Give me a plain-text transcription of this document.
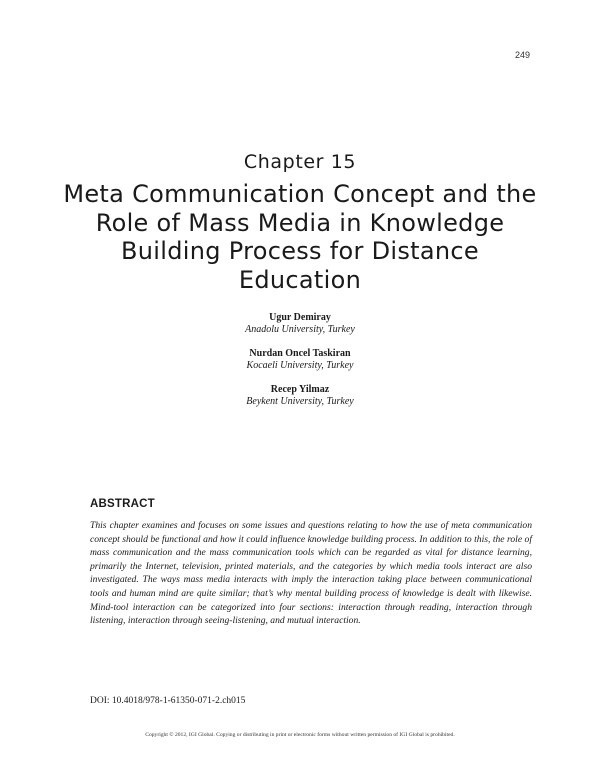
249
Chapter 15
Meta Communication Concept and the Role of Mass Media in Knowledge Building Process for Distance Education
Ugur Demiray
Anadolu University, Turkey
Nurdan Oncel Taskiran
Kocaeli University, Turkey
Recep Yilmaz
Beykent University, Turkey
ABSTRACT
This chapter examines and focuses on some issues and questions relating to how the use of meta communication concept should be functional and how it could influence knowledge building process. In addition to this, the role of mass communication and the mass communication tools which can be regarded as vital for distance learning, primarily the Internet, television, printed materials, and the categories by which media tools interact are also investigated. The ways mass media interacts with imply the interaction taking place between communicational tools and human mind are quite similar; that’s why mental building process of knowledge is dealt with likewise. Mind-tool interaction can be categorized into four sections: interaction through reading, interaction through listening, interaction through seeing-listening, and mutual interaction.
DOI: 10.4018/978-1-61350-071-2.ch015
Copyright © 2012, IGI Global. Copying or distributing in print or electronic forms without written permission of IGI Global is prohibited.
